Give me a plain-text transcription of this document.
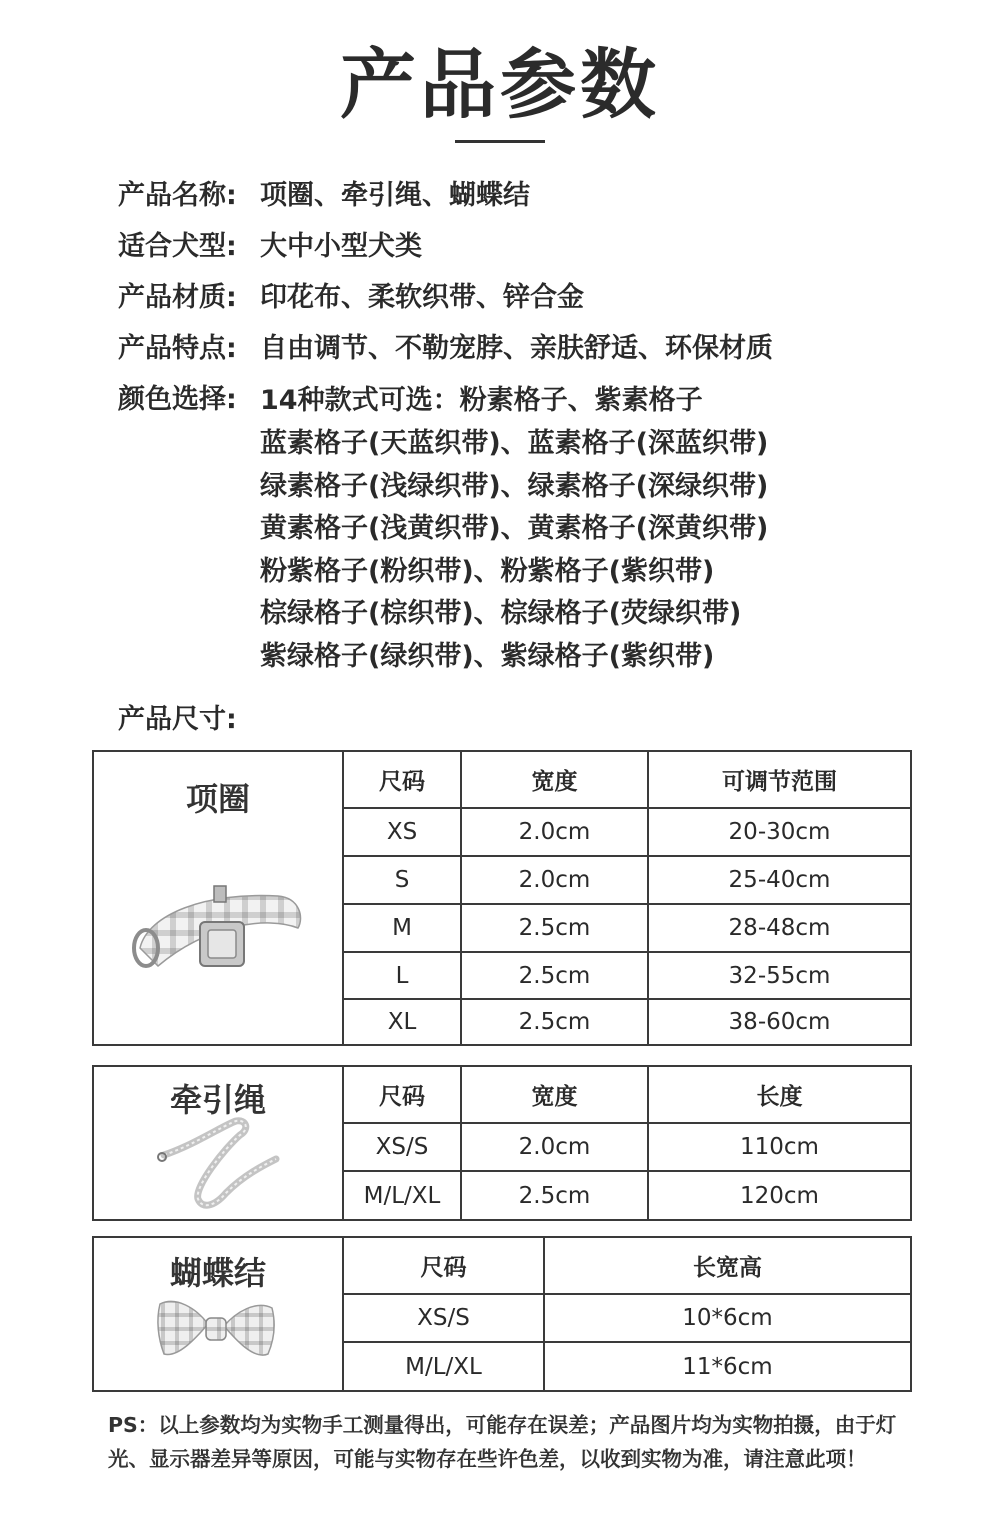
产品参数
产品名称: 项圈、牵引绳、蝴蝶结
适合犬型: 大中小型犬类
产品材质: 印花布、柔软织带、锌合金
产品特点: 自由调节、不勒宠脖、亲肤舒适、环保材质
颜色选择: 14种款式可选：粉素格子、紫素格子
蓝素格子(天蓝织带)、蓝素格子(深蓝织带)
绿素格子(浅绿织带)、绿素格子(深绿织带)
黄素格子(浅黄织带)、黄素格子(深黄织带)
粉紫格子(粉织带)、粉紫格子(紫织带)
棕绿格子(棕织带)、棕绿格子(荧绿织带)
紫绿格子(绿织带)、紫绿格子(紫织带)
产品尺寸:
项圈	尺码	宽度	可调节范围
XS	2.0cm	20-30cm
S	2.0cm	25-40cm
M	2.5cm	28-48cm
L	2.5cm	32-55cm
XL	2.5cm	38-60cm
牵引绳	尺码	宽度	长度
XS/S	2.0cm	110cm
M/L/XL	2.5cm	120cm
蝴蝶结	尺码	长宽高
XS/S	10*6cm
M/L/XL	11*6cm
PS：以上参数均为实物手工测量得出，可能存在误差；产品图片均为实物拍摄，由于灯光、显示器差异等原因，可能与实物存在些许色差，以收到实物为准，请注意此项！
